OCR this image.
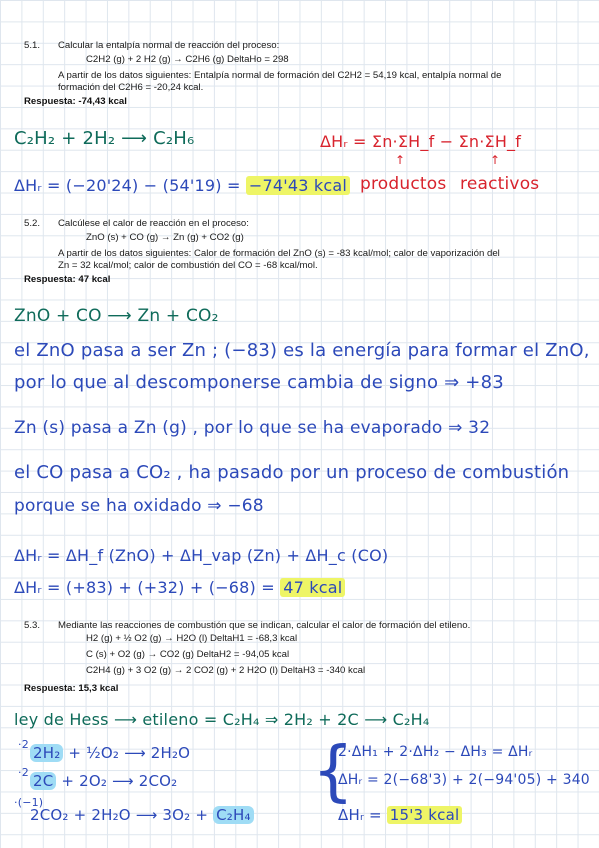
5.1. Calcular la entalpía normal de reacción del proceso:
C2H2 (g) + 2 H2 (g) → C2H6 (g) DeltaHo = 298
A partir de los datos siguientes: Entalpía normal de formación del C2H2 = 54,19 kcal, entalpía normal de
formación del C2H6 = -20,24 kcal.
Respuesta: -74,43 kcal
C₂H₂ + 2H₂ ⟶ C₂H₆	ΔHᵣ = Σn·ΣH_f − Σn·ΣH_f
↑	↑
productos reactivos
ΔHᵣ = (−20'24) − (54'19) = −74'43 kcal
5.2. Calcúlese el calor de reacción en el proceso:
ZnO (s) + CO (g) → Zn (g) + CO2 (g)
A partir de los datos siguientes: Calor de formación del ZnO (s) = -83 kcal/mol; calor de vaporización del
Zn = 32 kcal/mol; calor de combustión del CO = -68 kcal/mol.
Respuesta: 47 kcal
ZnO + CO ⟶ Zn + CO₂
el ZnO pasa a ser Zn ; (−83) es la energía para formar el ZnO,
por lo que al descomponerse cambia de signo ⇒ +83
Zn (s) pasa a Zn (g) , por lo que se ha evaporado ⇒ 32
el CO pasa a CO₂ , ha pasado por un proceso de combustión
porque se ha oxidado ⇒ −68
ΔHᵣ = ΔH_f (ZnO) + ΔH_vap (Zn) + ΔH_c (CO)
ΔHᵣ = (+83) + (+32) + (−68) = 47 kcal
5.3. Mediante las reacciones de combustión que se indican, calcular el calor de formación del etileno.
H2 (g) + ½ O2 (g) → H2O (l) DeltaH1 = -68,3 kcal
C (s) + O2 (g) → CO2 (g) DeltaH2 = -94,05 kcal
C2H4 (g) + 3 O2 (g) → 2 CO2 (g) + 2 H2O (l) DeltaH3 = -340 kcal
Respuesta: 15,3 kcal
ley de Hess ⟶ etileno = C₂H₄ ⇒ 2H₂ + 2C ⟶ C₂H₄
·2 2H₂ + ½O₂ ⟶ 2H₂O
·2 2C + 2O₂ ⟶ 2CO₂
·(−1)
2CO₂ + 2H₂O ⟶ 3O₂ + C₂H₄
{
2·ΔH₁ + 2·ΔH₂ − ΔH₃ = ΔHᵣ
ΔHᵣ = 2(−68'3) + 2(−94'05) + 340
ΔHᵣ = 15'3 kcal
